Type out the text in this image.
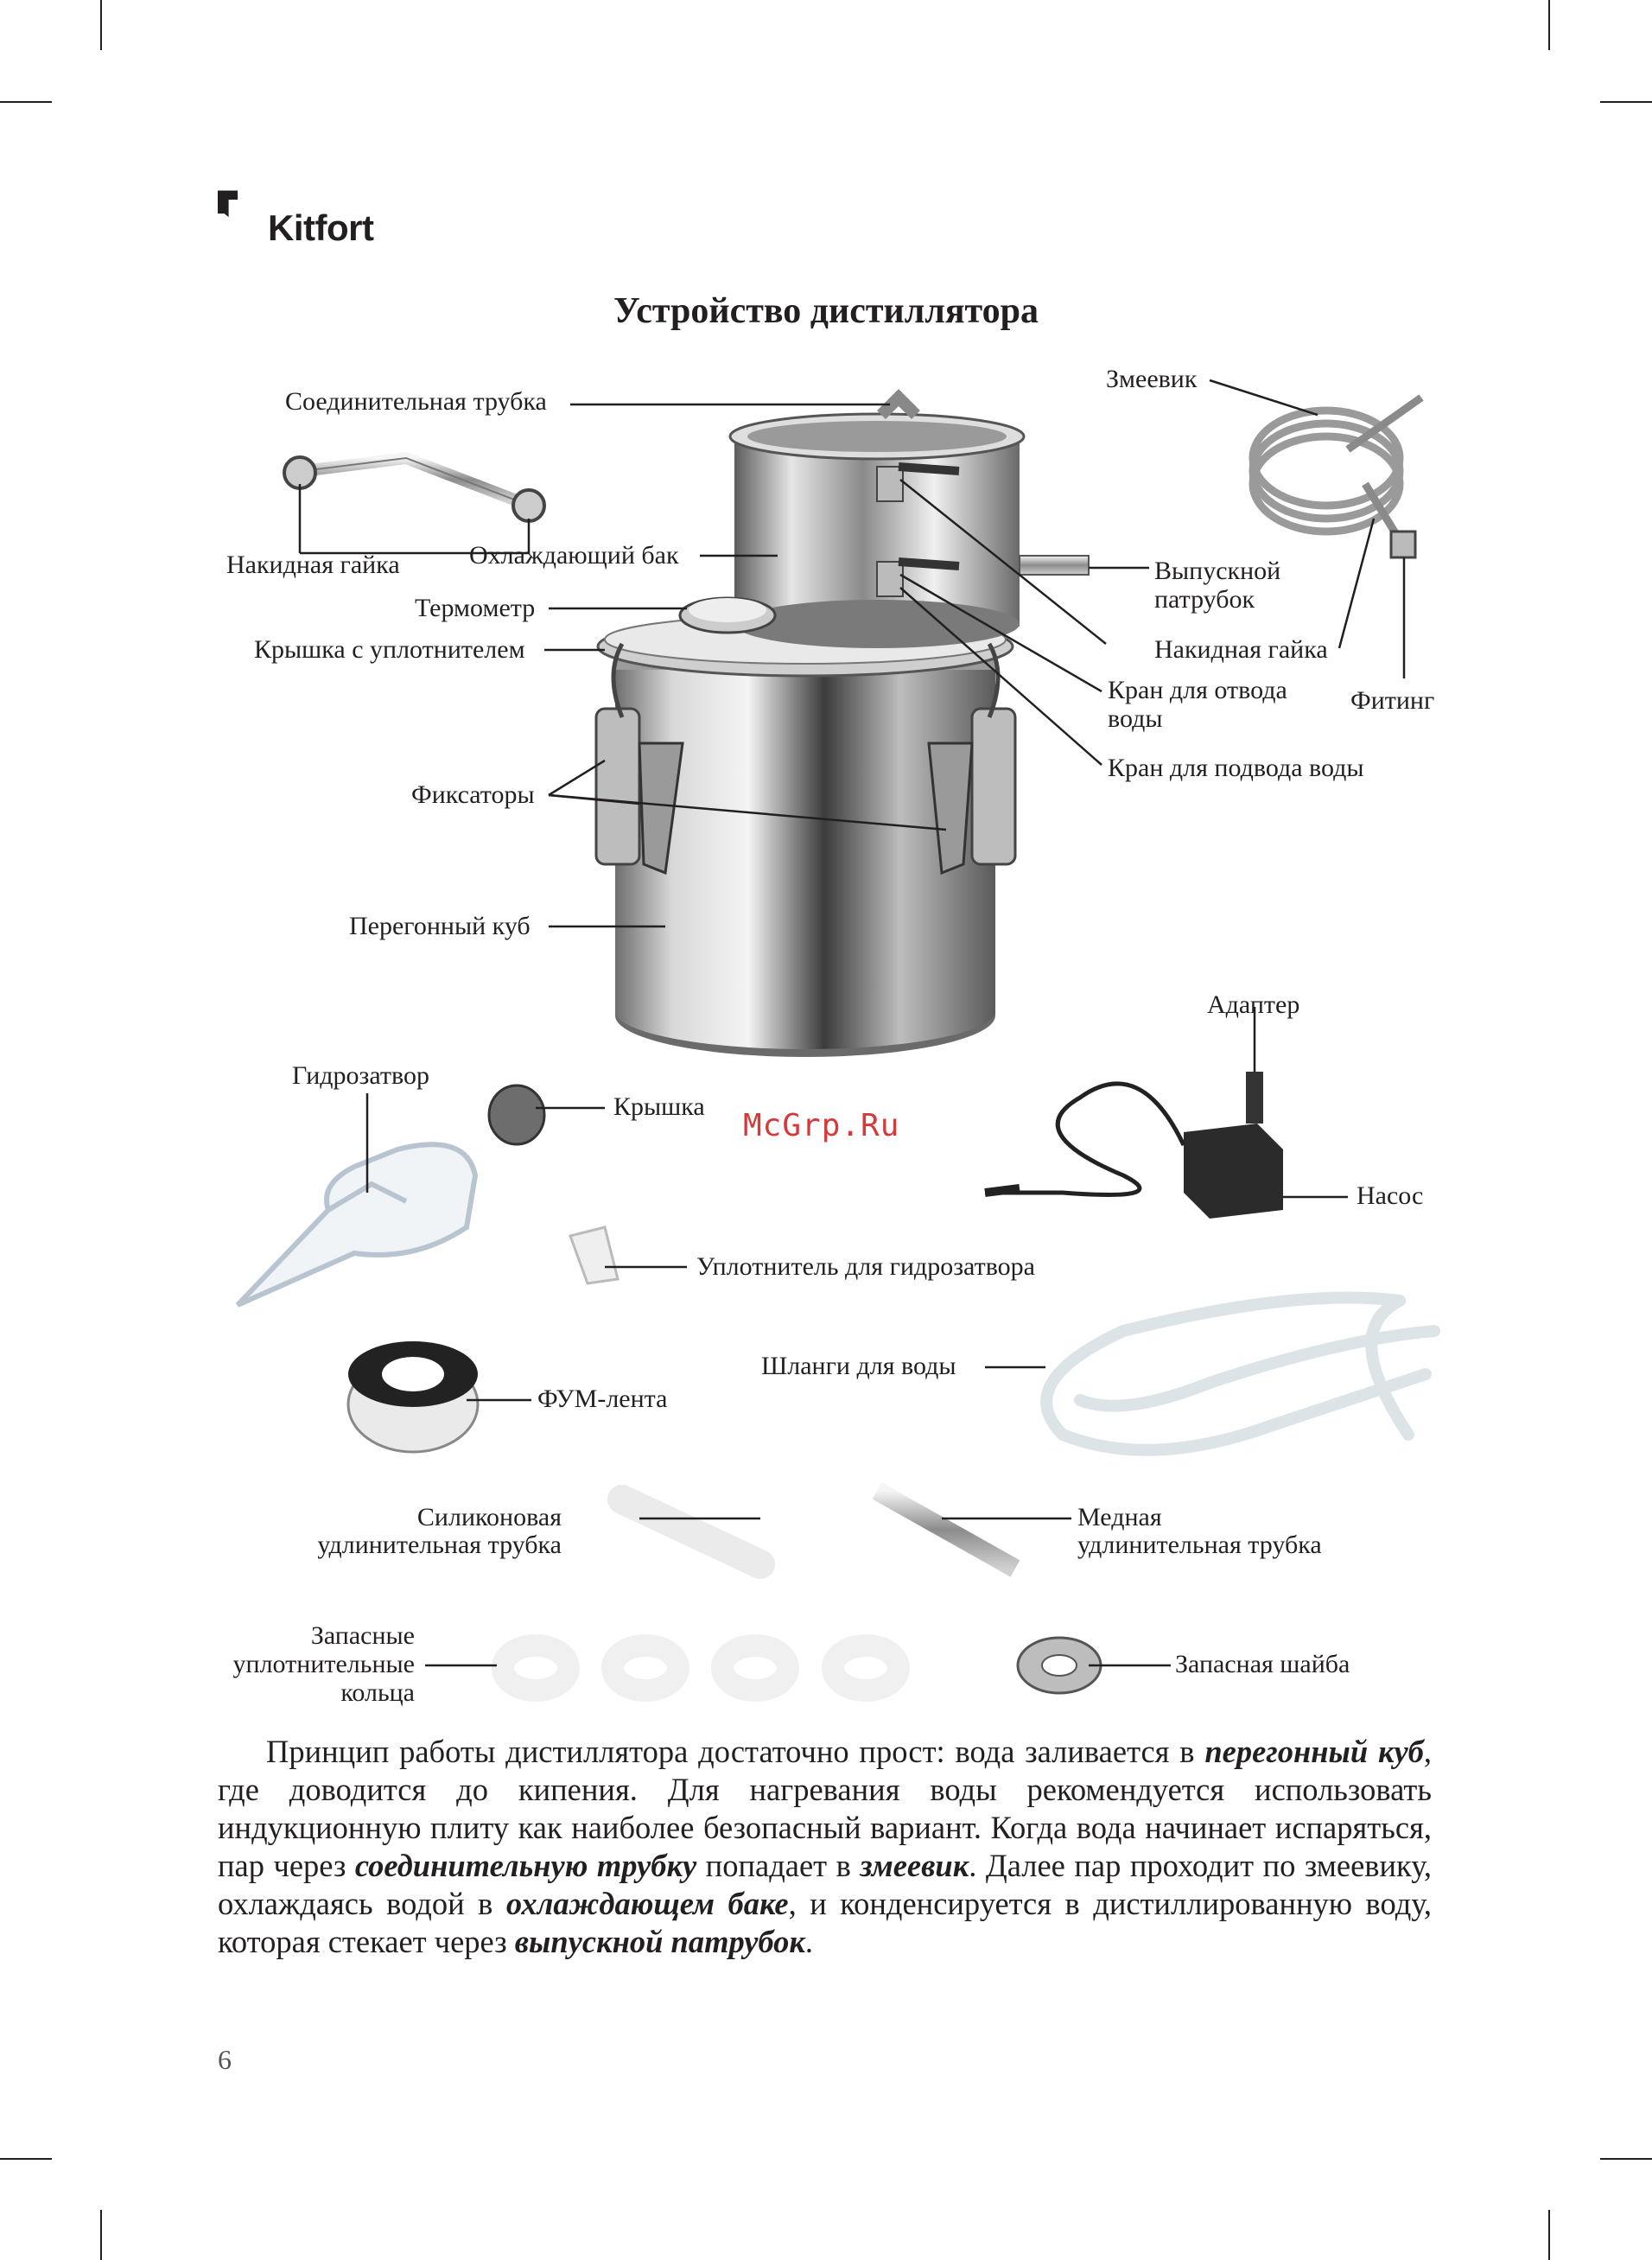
Kitfort
Устройство дистиллятора
Соединительная трубка
Змеевик
Накидная гайка	Охлаждающий бак
Выпускной
патрубок
Термометр
Крышка с уплотнителем	Накидная гайка
Кран для отвода
воды
Фитинг
Кран для подвода воды
Фиксаторы
Перегонный куб
Адаптер
Гидрозатвор
Крышка
Насос
Уплотнитель для гидрозатвора
ФУМ-лента
Шланги для воды
Силиконовая
удлинительная трубка
Медная
удлинительная трубка
Запасные
уплотнительные
кольца
Запасная шайба
McGrp.Ru

Принцип работы дистиллятора достаточно прост: вода заливается в перегонный куб, где доводится до кипения. Для нагревания воды рекомендуется использовать индукционную плиту как наиболее безопасный вариант. Когда вода начинает испаряться, пар через соединительную трубку попадает в змеевик. Далее пар проходит по змеевику, охлаждаясь водой в охлаждающем баке, и конденсируется в дистиллированную воду, которая стекает через выпускной патрубок.

6
